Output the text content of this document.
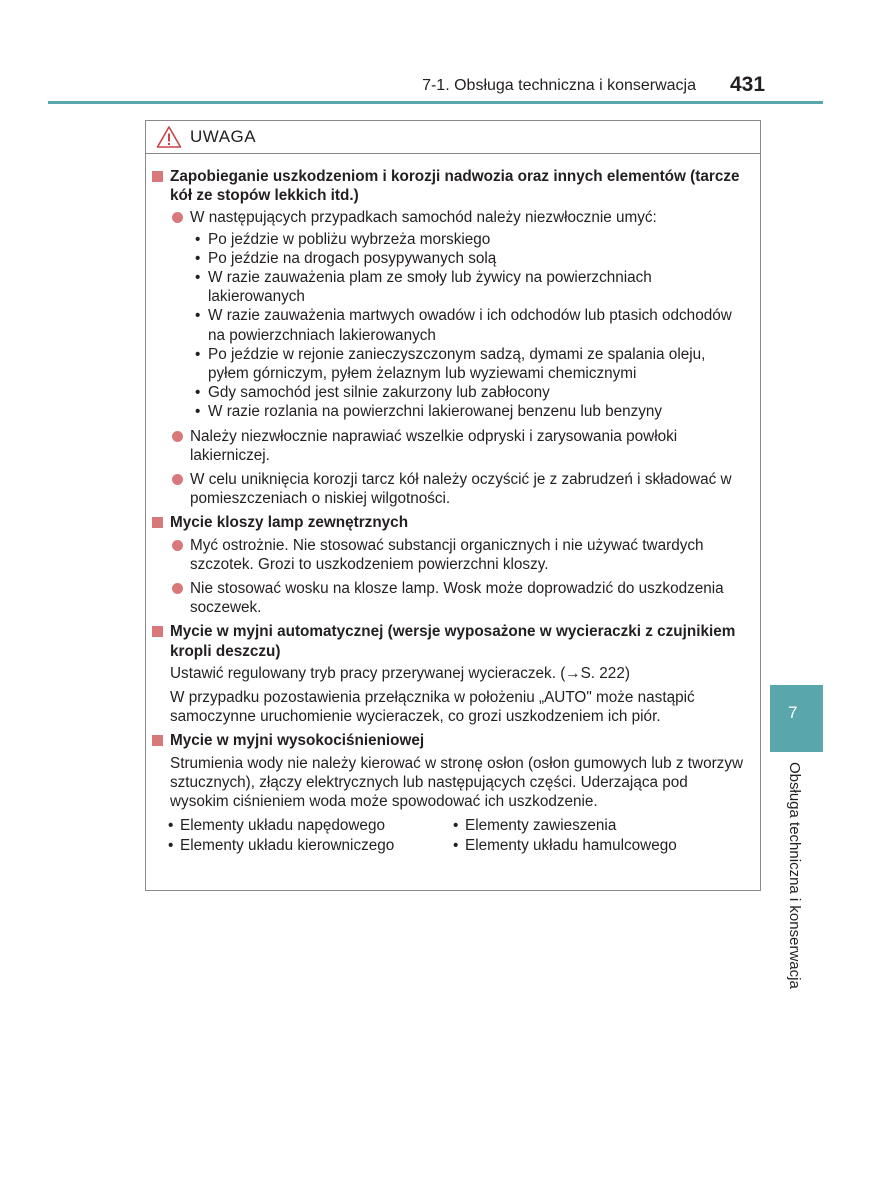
7-1. Obsługa techniczna i konserwacja 431
UWAGA
Zapobieganie uszkodzeniom i korozji nadwozia oraz innych elementów (tarcze kół ze stopów lekkich itd.)
W następujących przypadkach samochód należy niezwłocznie umyć:
• Po jeździe w pobliżu wybrzeża morskiego
• Po jeździe na drogach posypywanych solą
• W razie zauważenia plam ze smoły lub żywicy na powierzchniach lakierowanych
• W razie zauważenia martwych owadów i ich odchodów lub ptasich odchodów na powierzchniach lakierowanych
• Po jeździe w rejonie zanieczyszczonym sadzą, dymami ze spalania oleju, pyłem górniczym, pyłem żelaznym lub wyziewami chemicznymi
• Gdy samochód jest silnie zakurzony lub zabłocony
• W razie rozlania na powierzchni lakierowanej benzenu lub benzyny
Należy niezwłocznie naprawiać wszelkie odpryski i zarysowania powłoki lakierniczej.
W celu uniknięcia korozji tarcz kół należy oczyścić je z zabrudzeń i składować w pomieszczeniach o niskiej wilgotności.
Mycie kloszy lamp zewnętrznych
Myć ostrożnie. Nie stosować substancji organicznych i nie używać twardych szczotek. Grozi to uszkodzeniem powierzchni kloszy.
Nie stosować wosku na klosze lamp. Wosk może doprowadzić do uszkodzenia soczewek.
Mycie w myjni automatycznej (wersje wyposażone w wycieraczki z czujnikiem kropli deszczu)
Ustawić regulowany tryb pracy przerywanej wycieraczek. (→S. 222)
W przypadku pozostawienia przełącznika w położeniu „AUTO" może nastąpić samoczynne uruchomienie wycieraczek, co grozi uszkodzeniem ich piór.
Mycie w myjni wysokociśnieniowej
Strumienia wody nie należy kierować w stronę osłon (osłon gumowych lub z tworzyw sztucznych), złączy elektrycznych lub następujących części. Uderzająca pod wysokim ciśnieniem woda może spowodować ich uszkodzenie.
• Elementy układu napędowego
• Elementy układu kierowniczego
• Elementy zawieszenia
• Elementy układu hamulcowego
7
Obsługa techniczna i konserwacja
